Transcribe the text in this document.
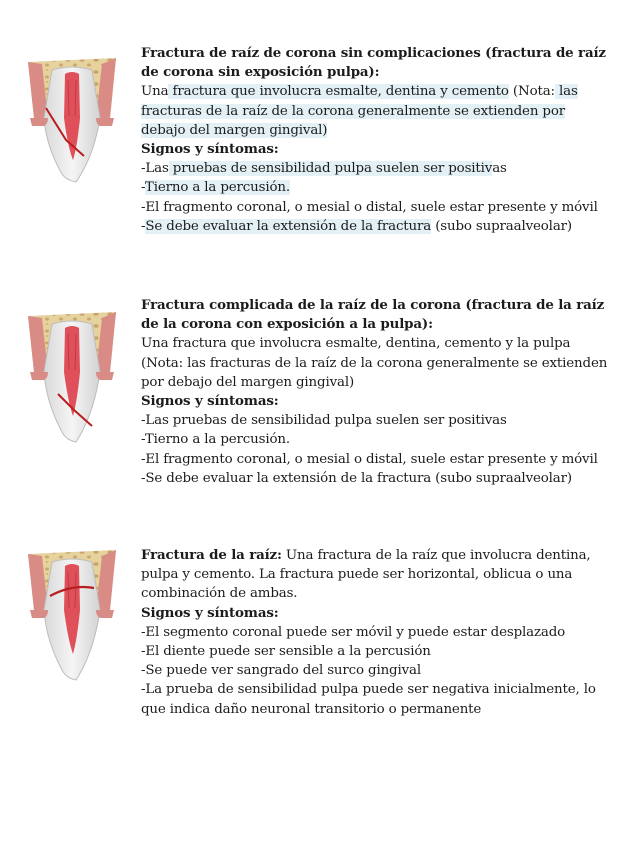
Fractura de raíz de corona sin complicaciones (fractura de raíz de corona sin exposición pulpa):

Una fractura que involucra esmalte, dentina y cemento (Nota: las fracturas de la raíz de la corona generalmente se extienden por debajo del margen gingival)

Signos y síntomas:

-Las pruebas de sensibilidad pulpa suelen ser positivas

-Tierno a la percusión.

-El fragmento coronal, o mesial o distal, suele estar presente y móvil

-Se debe evaluar la extensión de la fractura (subo supraalveolar)

Fractura complicada de la raíz de la corona (fractura de la raíz de la corona con exposición a la pulpa):

Una fractura que involucra esmalte, dentina, cemento y la pulpa (Nota: las fracturas de la raíz de la corona generalmente se extienden por debajo del margen gingival)

Signos y síntomas:

-Las pruebas de sensibilidad pulpa suelen ser positivas

-Tierno a la percusión.

-El fragmento coronal, o mesial o distal, suele estar presente y móvil

-Se debe evaluar la extensión de la fractura (subo supraalveolar)

Fractura de la raíz: Una fractura de la raíz que involucra dentina, pulpa y cemento. La fractura puede ser horizontal, oblicua o una combinación de ambas.

Signos y síntomas:

-El segmento coronal puede ser móvil y puede estar desplazado

-El diente puede ser sensible a la percusión

-Se puede ver sangrado del surco gingival

-La prueba de sensibilidad pulpa puede ser negativa inicialmente, lo que indica daño neuronal transitorio o permanente
